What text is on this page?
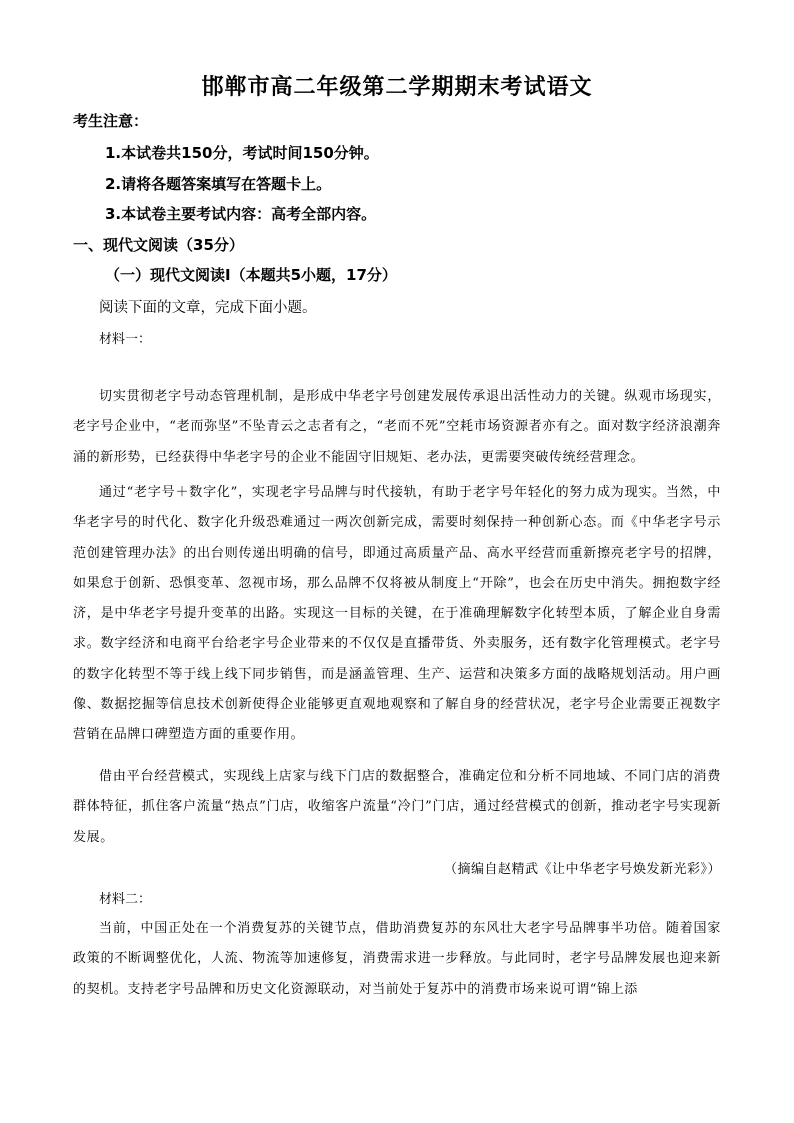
邯郸市高二年级第二学期期末考试语文
考生注意：
1.本试卷共150分，考试时间150分钟。
2.请将各题答案填写在答题卡上。
3.本试卷主要考试内容：高考全部内容。
一、现代文阅读（35分）
（一）现代文阅读Ⅰ（本题共5小题，17分）
阅读下面的文章，完成下面小题。
材料一：

切实贯彻老字号动态管理机制，是形成中华老字号创建发展传承退出活性动力的关键。纵观市场现实，老字号企业中，“老而弥坚”不坠青云之志者有之，“老而不死”空耗市场资源者亦有之。面对数字经济浪潮奔涌的新形势，已经获得中华老字号的企业不能固守旧规矩、老办法，更需要突破传统经营理念。

通过“老字号＋数字化”，实现老字号品牌与时代接轨，有助于老字号年轻化的努力成为现实。当然，中华老字号的时代化、数字化升级恐难通过一两次创新完成，需要时刻保持一种创新心态。而《中华老字号示范创建管理办法》的出台则传递出明确的信号，即通过高质量产品、高水平经营而重新擦亮老字号的招牌，如果怠于创新、恐惧变革、忽视市场，那么品牌不仅将被从制度上“开除”，也会在历史中消失。拥抱数字经济，是中华老字号提升变革的出路。实现这一目标的关键，在于准确理解数字化转型本质，了解企业自身需求。数字经济和电商平台给老字号企业带来的不仅仅是直播带货、外卖服务，还有数字化管理模式。老字号的数字化转型不等于线上线下同步销售，而是涵盖管理、生产、运营和决策多方面的战略规划活动。用户画像、数据挖掘等信息技术创新使得企业能够更直观地观察和了解自身的经营状况，老字号企业需要正视数字营销在品牌口碑塑造方面的重要作用。

借由平台经营模式，实现线上店家与线下门店的数据整合，准确定位和分析不同地域、不同门店的消费群体特征，抓住客户流量“热点”门店，收缩客户流量“冷门”门店，通过经营模式的创新，推动老字号实现新发展。

（摘编自赵精武《让中华老字号焕发新光彩》）
材料二：

当前，中国正处在一个消费复苏的关键节点，借助消费复苏的东风壮大老字号品牌事半功倍。随着国家政策的不断调整优化，人流、物流等加速修复，消费需求进一步释放。与此同时，老字号品牌发展也迎来新的契机。支持老字号品牌和历史文化资源联动，对当前处于复苏中的消费市场来说可谓“锦上添
